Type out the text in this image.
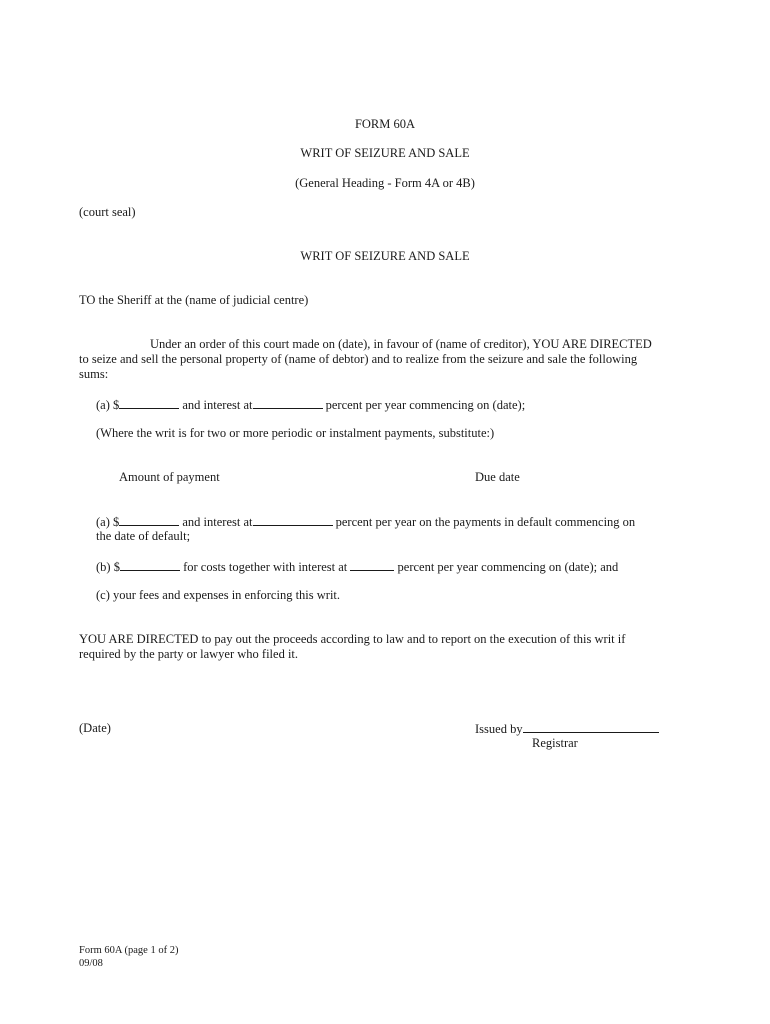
FORM 60A
WRIT OF SEIZURE AND SALE
(General Heading - Form 4A or 4B)
(court seal)
WRIT OF SEIZURE AND SALE
TO the Sheriff at the (name of judicial centre)
Under an order of this court made on (date), in favour of (name of creditor), YOU ARE DIRECTED
to seize and sell the personal property of (name of debtor) and to realize from the seizure and sale the following
sums:
(a) $	and interest at	percent per year commencing on (date);
(Where the writ is for two or more periodic or instalment payments, substitute:)
Amount of payment	Due date
(a) $	and interest at	percent per year on the payments in default commencing on
the date of default;
(b) $	for costs together with interest at	percent per year commencing on (date); and
(c) your fees and expenses in enforcing this writ.
YOU ARE DIRECTED to pay out the proceeds according to law and to report on the execution of this writ if
required by the party or lawyer who filed it.
(Date)	Issued by
Registrar
Form 60A (page 1 of 2)
09/08
